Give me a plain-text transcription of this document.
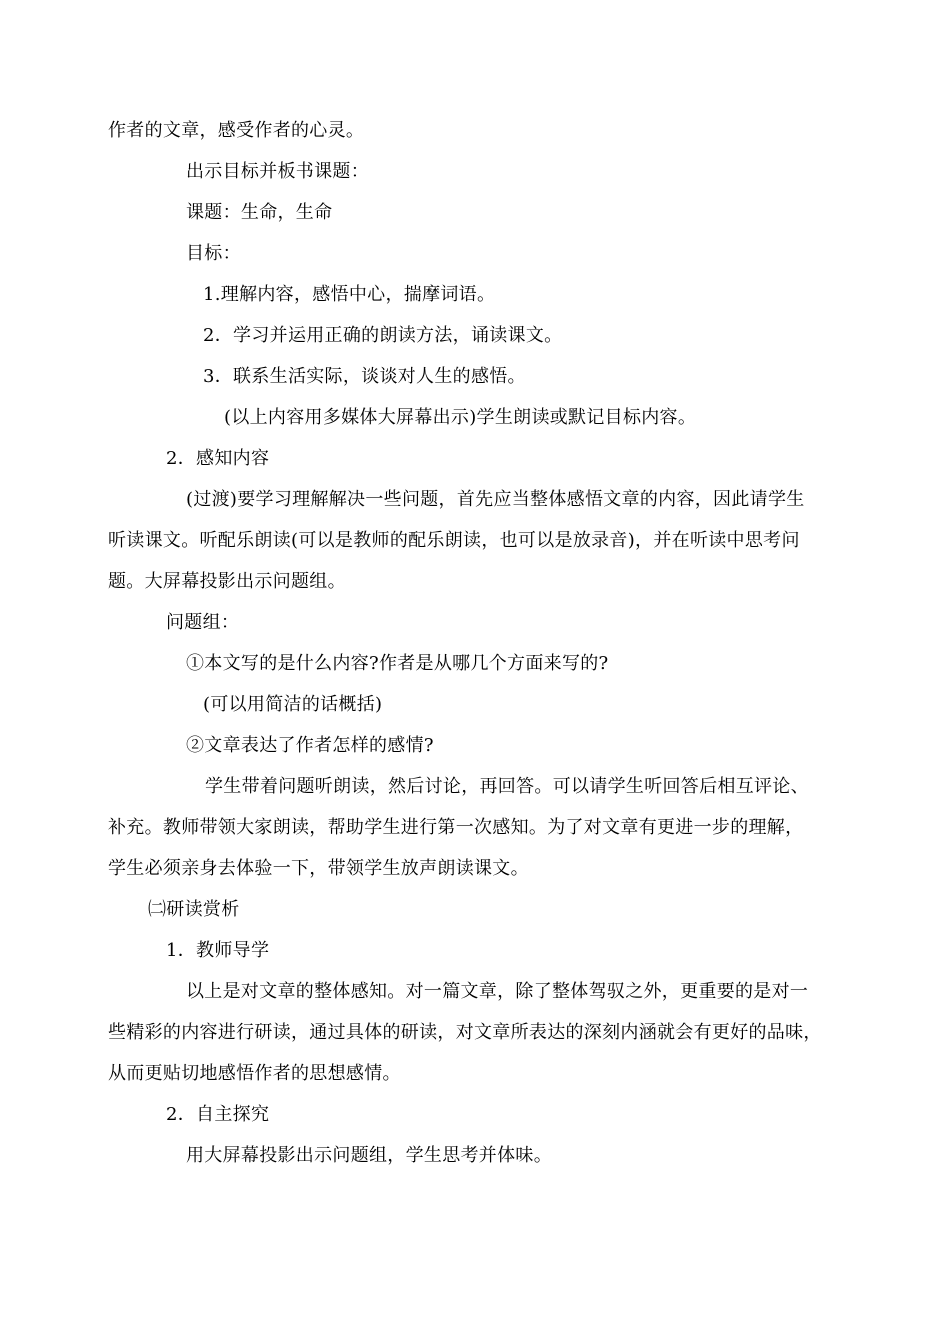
作者的文章，感受作者的心灵。
出示目标并板书课题：
课题：生命，生命
目标：
1.理解内容，感悟中心，揣摩词语。
2．学习并运用正确的朗读方法，诵读课文。
3．联系生活实际，谈谈对人生的感悟。
(以上内容用多媒体大屏幕出示)学生朗读或默记目标内容。
2．感知内容
(过渡)要学习理解解决一些问题，首先应当整体感悟文章的内容，因此请学生
听读课文。听配乐朗读(可以是教师的配乐朗读，也可以是放录音)，并在听读中思考问
题。大屏幕投影出示问题组。
问题组：
①本文写的是什么内容?作者是从哪几个方面来写的?
(可以用简洁的话概括)
②文章表达了作者怎样的感情?
学生带着问题听朗读，然后讨论，再回答。可以请学生听回答后相互评论、
补充。教师带领大家朗读，帮助学生进行第一次感知。为了对文章有更进一步的理解，
学生必须亲身去体验一下，带领学生放声朗读课文。
㈡研读赏析
1．教师导学
以上是对文章的整体感知。对一篇文章，除了整体驾驭之外，更重要的是对一
些精彩的内容进行研读，通过具体的研读，对文章所表达的深刻内涵就会有更好的品味，
从而更贴切地感悟作者的思想感情。
2．自主探究
用大屏幕投影出示问题组，学生思考并体味。
